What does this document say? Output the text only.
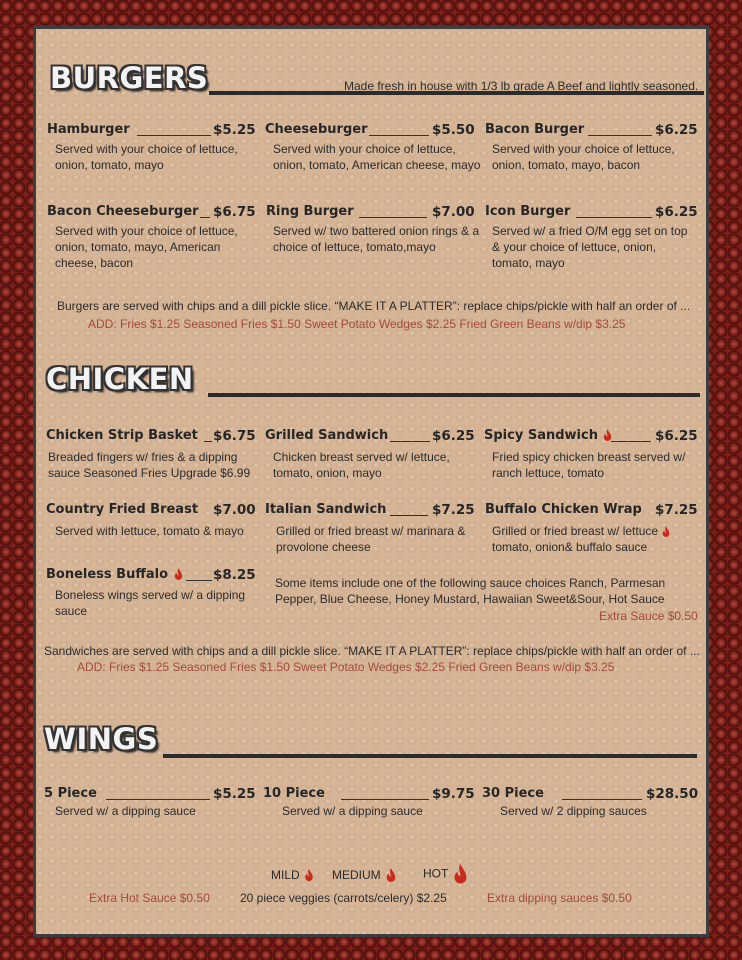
BURGERS	Made fresh in house with 1/3 lb grade A Beef and lightly seasoned.
Hamburger	$5.25
Served with your choice of lettuce, onion, tomato, mayo
Cheeseburger	$5.50
Served with your choice of lettuce, onion, tomato, American cheese, mayo
Bacon Burger	$6.25
Served with your choice of lettuce, onion, tomato, mayo, bacon
Bacon Cheeseburger $6.75
Served with your choice of lettuce, onion, tomato, mayo, American cheese, bacon
Ring Burger	$7.00
Served w/ two battered onion rings & a choice of lettuce, tomato,mayo
Icon Burger	$6.25
Served w/ a fried O/M egg set on top & your choice of lettuce, onion, tomato, mayo
Burgers are served with chips and a dill pickle slice. “MAKE IT A PLATTER”: replace chips/pickle with half an order of ...
ADD: Fries $1.25 Seasoned Fries $1.50 Sweet Potato Wedges $2.25 Fried Green Beans w/dip $3.25
CHICKEN
Chicken Strip Basket $6.75
Breaded fingers w/ fries & a dipping sauce Seasoned Fries Upgrade $6.99
Grilled Sandwich	$6.25
Chicken breast served w/ lettuce, tomato, onion, mayo
Spicy Sandwich	$6.25
Fried spicy chicken breast served w/ ranch lettuce, tomato
Country Fried Breast $7.00
Served with lettuce, tomato & mayo
Italian Sandwich	$7.25
Grilled or fried breast w/ marinara & provolone cheese
Buffalo Chicken Wrap $7.25
Grilled or fried breast w/ lettuce
tomato, onion& buffalo sauce
Boneless Buffalo	$8.25
Boneless wings served w/ a dipping sauce
Some items include one of the following sauce choices Ranch, Parmesan Pepper, Blue Cheese, Honey Mustard, Hawaiian Sweet&Sour, Hot Sauce
Extra Sauce $0.50
Sandwiches are served with chips and a dill pickle slice. “MAKE IT A PLATTER”: replace chips/pickle with half an order of ...
ADD: Fries $1.25 Seasoned Fries $1.50 Sweet Potato Wedges $2.25 Fried Green Beans w/dip $3.25
WINGS
5 Piece	$5.25
Served w/ a dipping sauce
10 Piece	$9.75
Served w/ a dipping sauce
30 Piece	$28.50
Served w/ 2 dipping sauces
MILD	MEDIUM	HOT
Extra Hot Sauce $0.50	20 piece veggies (carrots/celery) $2.25	Extra dipping sauces $0.50
